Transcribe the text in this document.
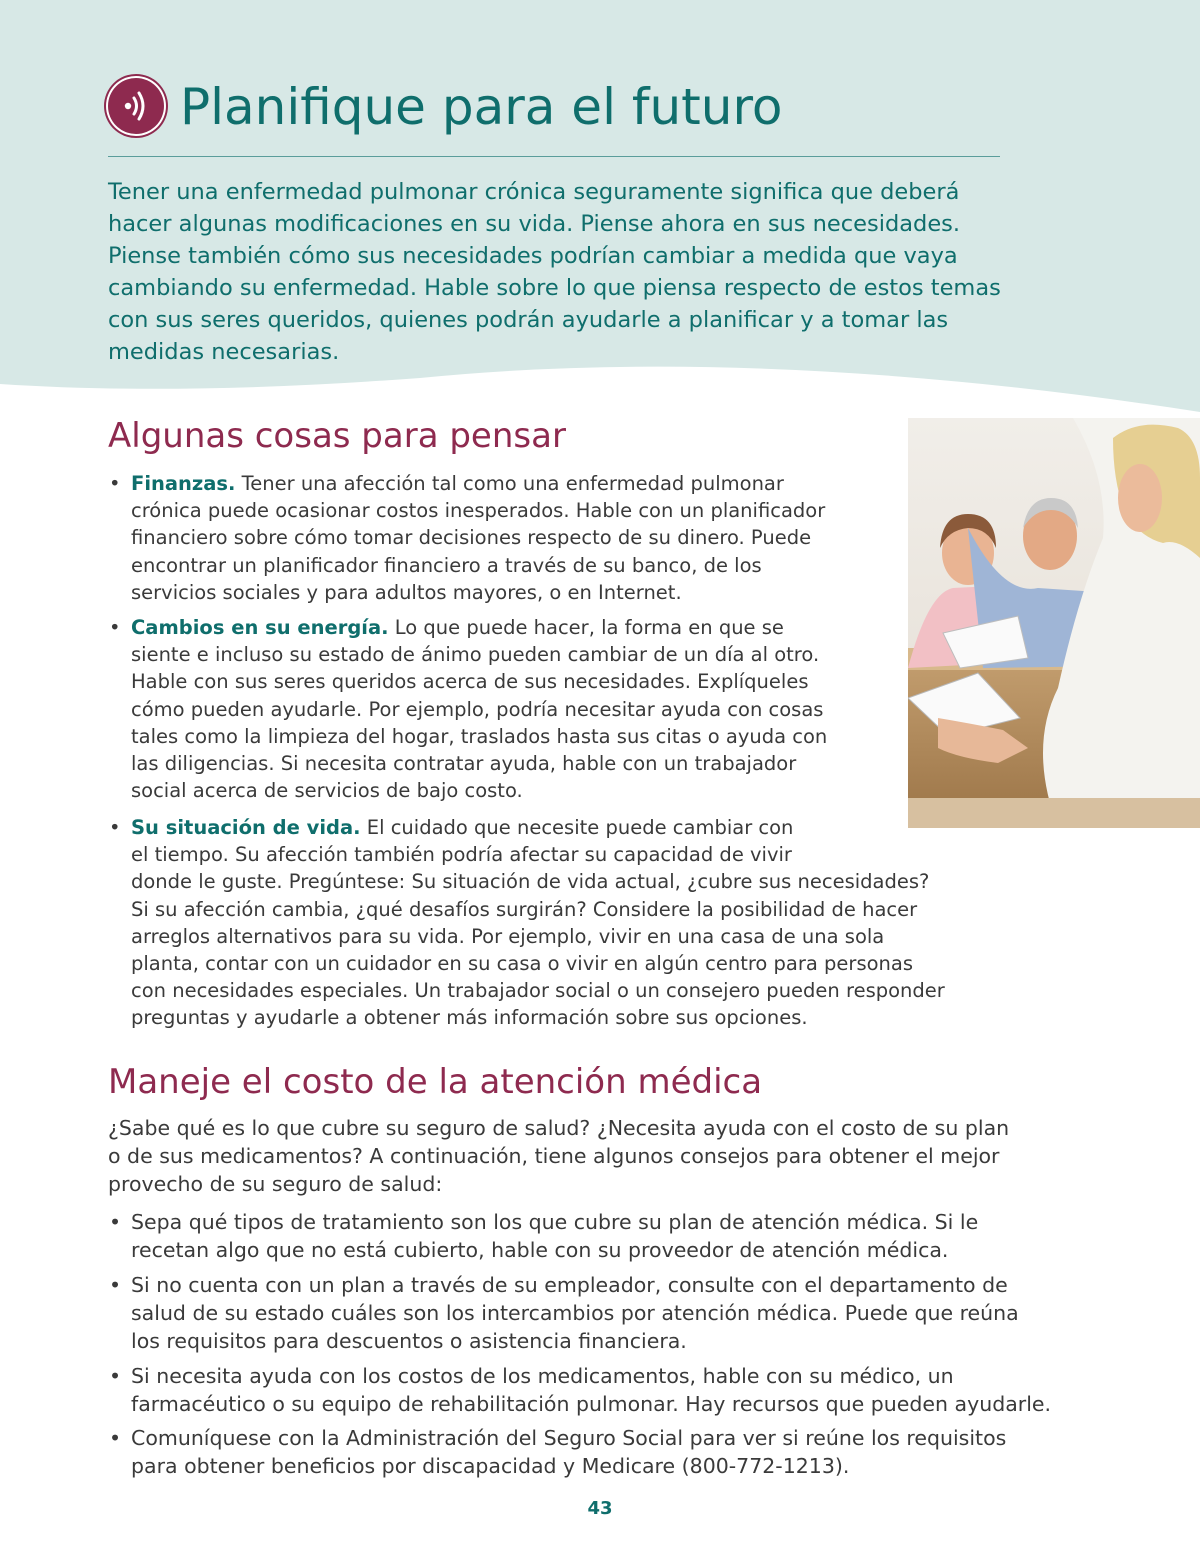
Planifique para el futuro

Tener una enfermedad pulmonar crónica seguramente significa que deberá
hacer algunas modificaciones en su vida. Piense ahora en sus necesidades.
Piense también cómo sus necesidades podrían cambiar a medida que vaya
cambiando su enfermedad. Hable sobre lo que piensa respecto de estos temas
con sus seres queridos, quienes podrán ayudarle a planificar y a tomar las
medidas necesarias.

Algunas cosas para pensar
• Finanzas. Tener una afección tal como una enfermedad pulmonar
crónica puede ocasionar costos inesperados. Hable con un planificador
financiero sobre cómo tomar decisiones respecto de su dinero. Puede
encontrar un planificador financiero a través de su banco, de los
servicios sociales y para adultos mayores, o en Internet.
• Cambios en su energía. Lo que puede hacer, la forma en que se
siente e incluso su estado de ánimo pueden cambiar de un día al otro.
Hable con sus seres queridos acerca de sus necesidades. Explíqueles
cómo pueden ayudarle. Por ejemplo, podría necesitar ayuda con cosas
tales como la limpieza del hogar, traslados hasta sus citas o ayuda con
las diligencias. Si necesita contratar ayuda, hable con un trabajador
social acerca de servicios de bajo costo.
• Su situación de vida. El cuidado que necesite puede cambiar con
el tiempo. Su afección también podría afectar su capacidad de vivir
donde le guste. Pregúntese: Su situación de vida actual, ¿cubre sus necesidades?
Si su afección cambia, ¿qué desafíos surgirán? Considere la posibilidad de hacer
arreglos alternativos para su vida. Por ejemplo, vivir en una casa de una sola
planta, contar con un cuidador en su casa o vivir en algún centro para personas
con necesidades especiales. Un trabajador social o un consejero pueden responder
preguntas y ayudarle a obtener más información sobre sus opciones.
Maneje el costo de la atención médica
¿Sabe qué es lo que cubre su seguro de salud? ¿Necesita ayuda con el costo de su plan
o de sus medicamentos? A continuación, tiene algunos consejos para obtener el mejor
provecho de su seguro de salud:
• Sepa qué tipos de tratamiento son los que cubre su plan de atención médica. Si le
recetan algo que no está cubierto, hable con su proveedor de atención médica.
• Si no cuenta con un plan a través de su empleador, consulte con el departamento de
salud de su estado cuáles son los intercambios por atención médica. Puede que reúna
los requisitos para descuentos o asistencia financiera.
• Si necesita ayuda con los costos de los medicamentos, hable con su médico, un
farmacéutico o su equipo de rehabilitación pulmonar. Hay recursos que pueden ayudarle.
• Comuníquese con la Administración del Seguro Social para ver si reúne los requisitos
para obtener beneficios por discapacidad y Medicare (800-772-1213).
43
